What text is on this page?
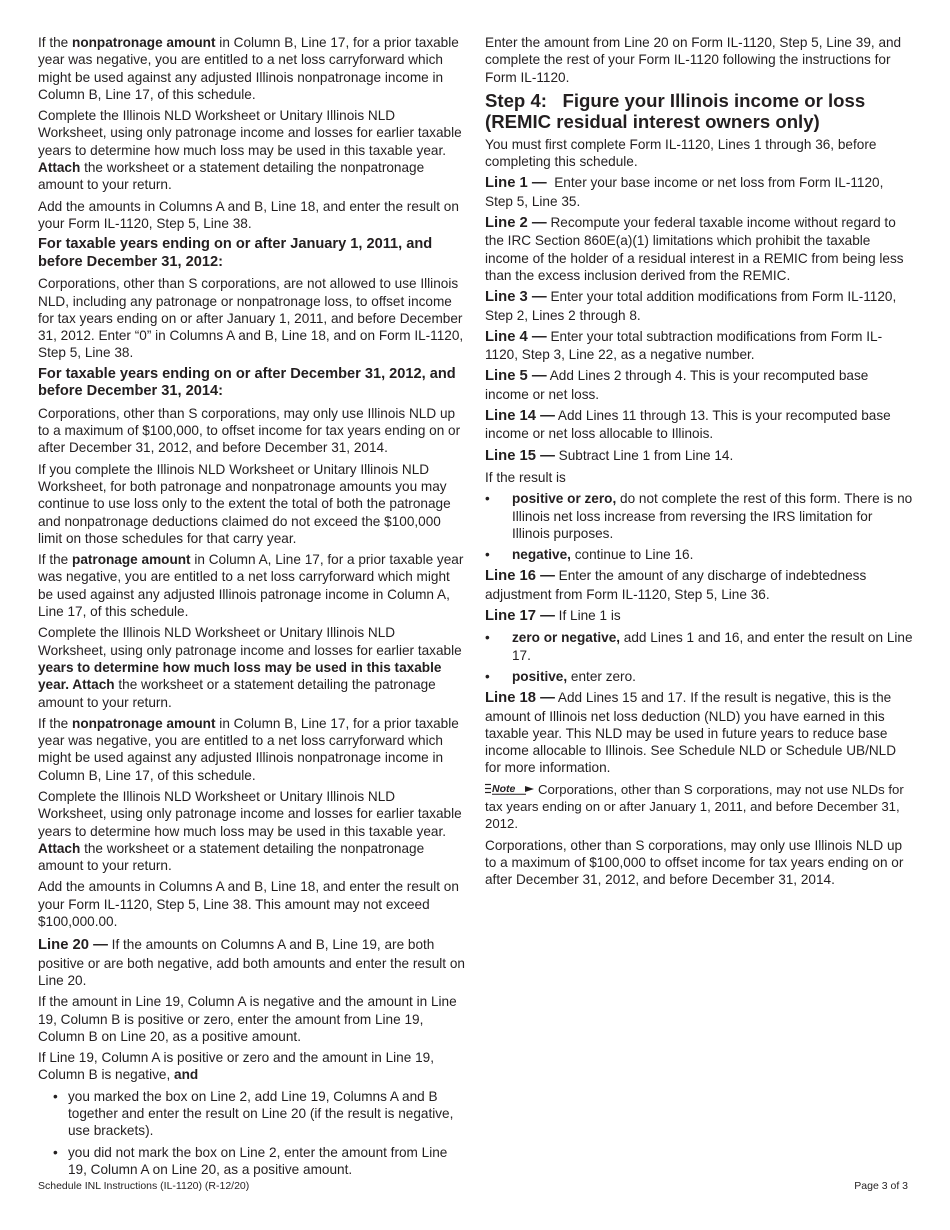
If the nonpatronage amount in Column B, Line 17, for a prior taxable year was negative, you are entitled to a net loss carryforward which might be used against any adjusted Illinois nonpatronage income in Column B, Line 17, of this schedule.

Complete the Illinois NLD Worksheet or Unitary Illinois NLD Worksheet, using only patronage income and losses for earlier taxable years to determine how much loss may be used in this taxable year. Attach the worksheet or a statement detailing the nonpatronage amount to your return.

Add the amounts in Columns A and B, Line 18, and enter the result on your Form IL-1120, Step 5, Line 38.

For taxable years ending on or after January 1, 2011, and before December 31, 2012:

Corporations, other than S corporations, are not allowed to use Illinois NLD, including any patronage or nonpatronage loss, to offset income for tax years ending on or after January 1, 2011, and before December 31, 2012. Enter “0” in Columns A and B, Line 18, and on Form IL-1120, Step 5, Line 38.

For taxable years ending on or after December 31, 2012, and before December 31, 2014:

Corporations, other than S corporations, may only use Illinois NLD up to a maximum of $100,000, to offset income for tax years ending on or after December 31, 2012, and before December 31, 2014.

If you complete the Illinois NLD Worksheet or Unitary Illinois NLD Worksheet, for both patronage and nonpatronage amounts you may continue to use loss only to the extent the total of both the patronage and nonpatronage deductions claimed do not exceed the $100,000 limit on those schedules for that carry year.

If the patronage amount in Column A, Line 17, for a prior taxable year was negative, you are entitled to a net loss carryforward which might be used against any adjusted Illinois patronage income in Column A, Line 17, of this schedule.

Complete the Illinois NLD Worksheet or Unitary Illinois NLD Worksheet, using only patronage income and losses for earlier taxable years to determine how much loss may be used in this taxable year. Attach the worksheet or a statement detailing the patronage amount to your return.

If the nonpatronage amount in Column B, Line 17, for a prior taxable year was negative, you are entitled to a net loss carryforward which might be used against any adjusted Illinois nonpatronage income in Column B, Line 17, of this schedule.

Complete the Illinois NLD Worksheet or Unitary Illinois NLD Worksheet, using only patronage income and losses for earlier taxable years to determine how much loss may be used in this taxable year. Attach the worksheet or a statement detailing the nonpatronage amount to your return.

Add the amounts in Columns A and B, Line 18, and enter the result on your Form IL-1120, Step 5, Line 38. This amount may not exceed $100,000.00.

Line 20 — If the amounts on Columns A and B, Line 19, are both positive or are both negative, add both amounts and enter the result on Line 20.

If the amount in Line 19, Column A is negative and the amount in Line 19, Column B is positive or zero, enter the amount from Line 19, Column B on Line 20, as a positive amount.

If Line 19, Column A is positive or zero and the amount in Line 19, Column B is negative, and

• you marked the box on Line 2, add Line 19, Columns A and B together and enter the result on Line 20 (if the result is negative, use brackets).
• you did not mark the box on Line 2, enter the amount from Line 19, Column A on Line 20, as a positive amount.

Enter the amount from Line 20 on Form IL-1120, Step 5, Line 39, and complete the rest of your Form IL-1120 following the instructions for Form IL-1120.

Step 4:   Figure your Illinois income or loss (REMIC residual interest owners only)

You must first complete Form IL-1120, Lines 1 through 36, before completing this schedule.

Line 1 —  Enter your base income or net loss from Form IL-1120, Step 5, Line 35.

Line 2 — Recompute your federal taxable income without regard to the IRC Section 860E(a)(1) limitations which prohibit the taxable income of the holder of a residual interest in a REMIC from being less than the excess inclusion derived from the REMIC.

Line 3 — Enter your total addition modifications from Form IL-1120, Step 2, Lines 2 through 8.

Line 4 — Enter your total subtraction modifications from Form IL-1120, Step 3, Line 22, as a negative number.

Line 5 — Add Lines 2 through 4. This is your recomputed base income or net loss.

Line 14 — Add Lines 11 through 13. This is your recomputed base income or net loss allocable to Illinois.

Line 15 — Subtract Line 1 from Line 14.

If the result is

• positive or zero, do not complete the rest of this form. There is no Illinois net loss increase from reversing the IRS limitation for Illinois purposes.
• negative, continue to Line 16.

Line 16 — Enter the amount of any discharge of indebtedness adjustment from Form IL-1120, Step 5, Line 36.

Line 17 — If Line 1 is

• zero or negative, add Lines 1 and 16, and enter the result on Line 17.
• positive, enter zero.

Line 18 — Add Lines 15 and 17. If the result is negative, this is the amount of Illinois net loss deduction (NLD) you have earned in this taxable year. This NLD may be used in future years to reduce base income allocable to Illinois. See Schedule NLD or Schedule UB/NLD for more information.

Note Corporations, other than S corporations, may not use NLDs for tax years ending on or after January 1, 2011, and before December 31, 2012.

Corporations, other than S corporations, may only use Illinois NLD up to a maximum of $100,000 to offset income for tax years ending on or after December 31, 2012, and before December 31, 2014.

Schedule INL Instructions (IL-1120) (R-12/20)	Page 3 of 3
